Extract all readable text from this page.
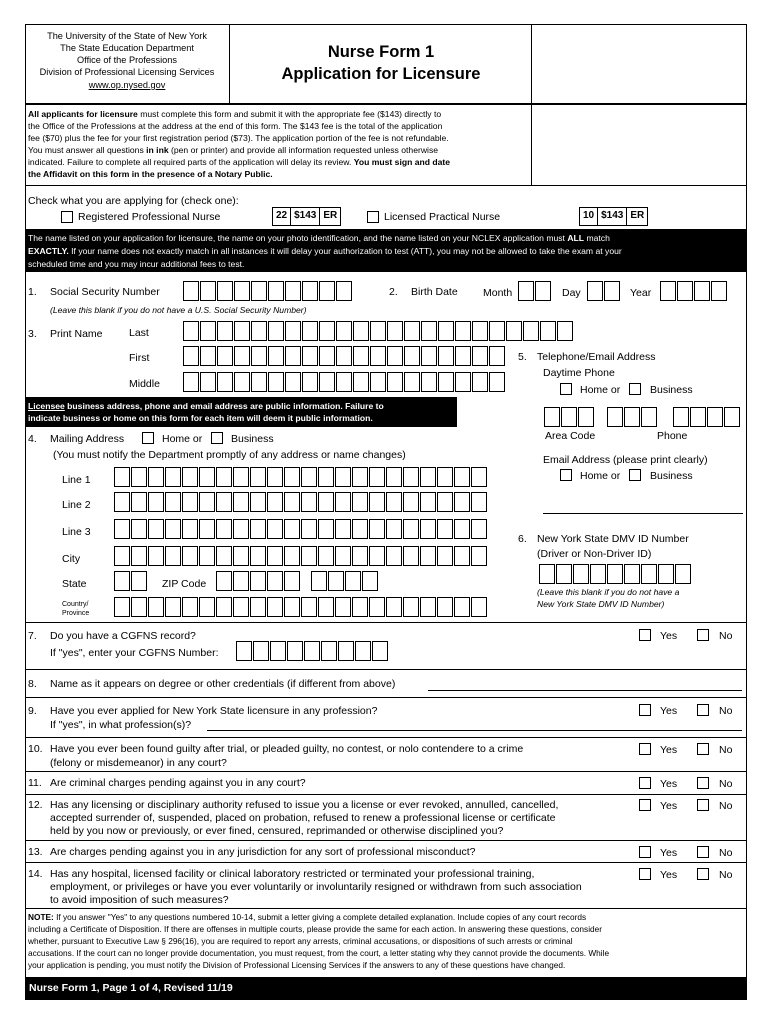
The University of the State of New York
The State Education Department
Office of the Professions
Division of Professional Licensing Services
www.op.nysed.gov
Nurse Form 1
Application for Licensure
All applicants for licensure must complete this form and submit it with the appropriate fee ($143) directly to
the Office of the Professions at the address at the end of this form. The $143 fee is the total of the application
fee ($70) plus the fee for your first registration period ($73). The application portion of the fee is not refundable.
You must answer all questions in ink (pen or printer) and provide all information requested unless otherwise
indicated. Failure to complete all required parts of the application will delay its review. You must sign and date
the Affidavit on this form in the presence of a Notary Public.
Check what you are applying for (check one):
Registered Professional Nurse	22 $143 ER	Licensed Practical Nurse	10 $143 ER
The name listed on your application for licensure, the name on your photo identification, and the name listed on your NCLEX application must ALL match
EXACTLY. If your name does not exactly match in all instances it will delay your authorization to test (ATT), you may not be allowed to take the exam at your
scheduled time and you may incur additional fees to test.
1. Social Security Number
(Leave this blank if you do not have a U.S. Social Security Number)
2. Birth Date Month	Day	Year
3. Print Name	Last
First
Middle
5. Telephone/Email Address
Daytime Phone
Home or	Business
Area Code	Phone
Email Address (please print clearly)
Home or	Business
Licensee business address, phone and email address are public information. Failure to
indicate business or home on this form for each item will deem it public information.
4. Mailing Address	Home or	Business
(You must notify the Department promptly of any address or name changes)
Line 1
Line 2
Line 3
City
State	ZIP Code
Country/
Province
6. New York State DMV ID Number
(Driver or Non-Driver ID)
(Leave this blank if you do not have a
New York State DMV ID Number)
7. Do you have a CGFNS record?
If "yes", enter your CGFNS Number:
Yes	No
8. Name as it appears on degree or other credentials (if different from above)
9. Have you ever applied for New York State licensure in any profession?
If "yes", in what profession(s)?
Yes	No
10. Have you ever been found guilty after trial, or pleaded guilty, no contest, or nolo contendere to a crime
(felony or misdemeanor) in any court?
Yes	No
11. Are criminal charges pending against you in any court?	Yes	No
12. Has any licensing or disciplinary authority refused to issue you a license or ever revoked, annulled, cancelled,
accepted surrender of, suspended, placed on probation, refused to renew a professional license or certificate
held by you now or previously, or ever fined, censured, reprimanded or otherwise disciplined you?
Yes	No
13. Are charges pending against you in any jurisdiction for any sort of professional misconduct?	Yes	No
14. Has any hospital, licensed facility or clinical laboratory restricted or terminated your professional training,
employment, or privileges or have you ever voluntarily or involuntarily resigned or withdrawn from such association
to avoid imposition of such measures?
Yes	No
NOTE: If you answer "Yes" to any questions numbered 10-14, submit a letter giving a complete detailed explanation. Include copies of any court records
including a Certificate of Disposition. If there are offenses in multiple courts, please provide the same for each action. In answering these questions, consider
whether, pursuant to Executive Law § 296(16), you are required to report any arrests, criminal accusations, or dispositions of such arrests or criminal
accusations. If the court can no longer provide documentation, you must request, from the court, a letter stating why they cannot provide the documents. While
your application is pending, you must notify the Division of Professional Licensing Services if the answers to any of these questions have changed.
Nurse Form 1, Page 1 of 4, Revised 11/19
